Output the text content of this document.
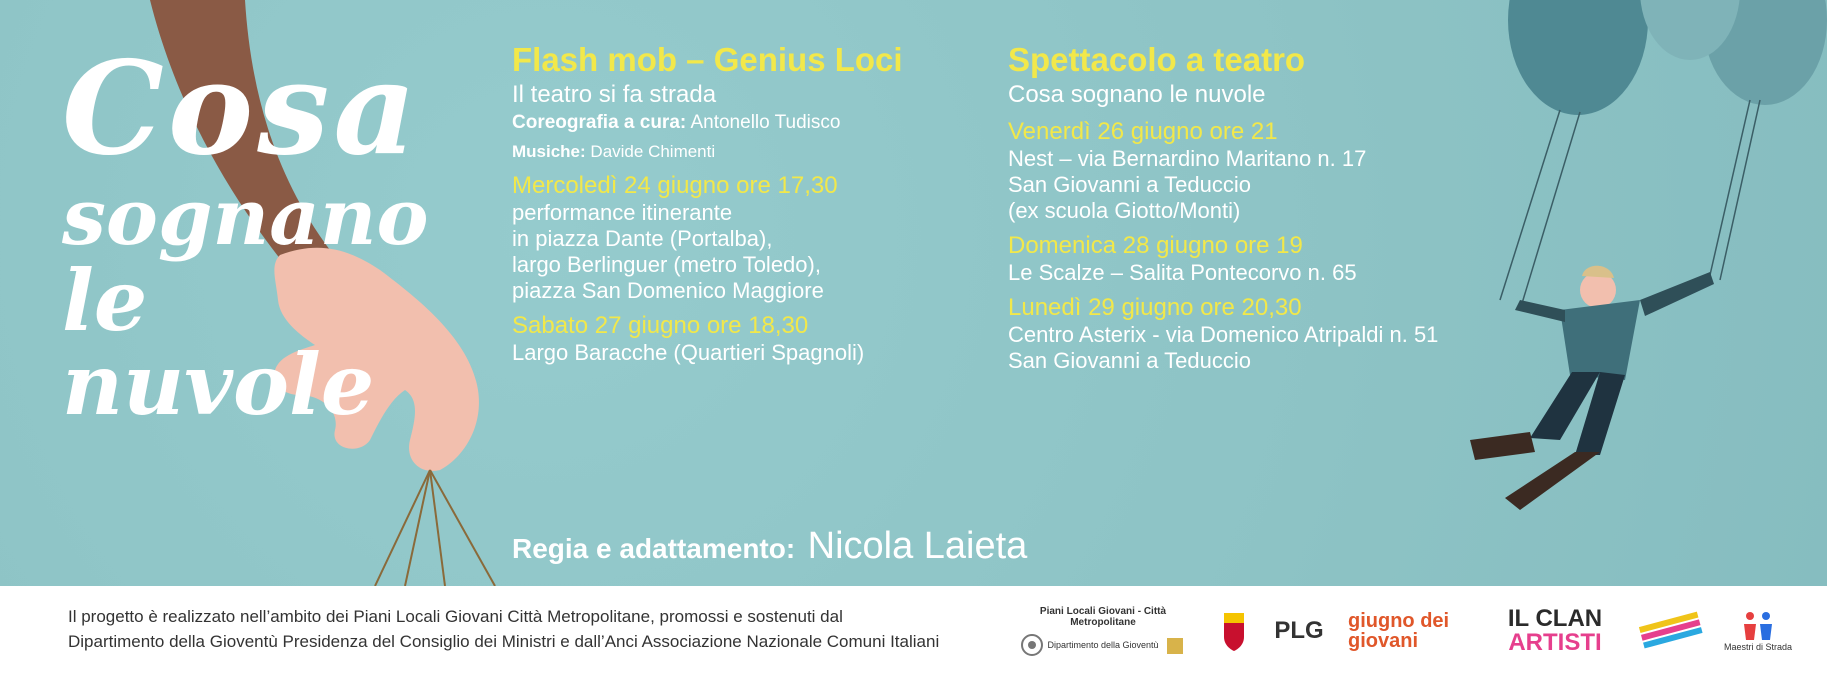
Cosa
sognano
le nuvole
Flash mob – Genius Loci
Il teatro si fa strada
Coreografia a cura: Antonello Tudisco
Musiche: Davide Chimenti
Mercoledì 24 giugno ore 17,30
performance itinerante
in piazza Dante (Portalba),
largo Berlinguer (metro Toledo),
piazza San Domenico Maggiore
Sabato 27 giugno ore 18,30
Largo Baracche (Quartieri Spagnoli)
Spettacolo a teatro
Cosa sognano le nuvole
Venerdì 26 giugno ore 21
Nest – via Bernardino Maritano n. 17
San Giovanni a Teduccio
(ex scuola Giotto/Monti)
Domenica 28 giugno ore 19
Le Scalze – Salita Pontecorvo n. 65
Lunedì 29 giugno ore 20,30
Centro Asterix - via Domenico Atripaldi n. 51
San Giovanni a Teduccio
Regia e adattamento: Nicola Laieta
Il progetto è realizzato nell’ambito dei Piani Locali Giovani Città Metropolitane, promossi e sostenuti dal
Dipartimento della Gioventù Presidenza del Consiglio dei Ministri e dall’Anci Associazione Nazionale Comuni Italiani
Piani Locali Giovani - Città Metropolitane
Dipartimento della Gioventù
PLG giugno dei giovani
IL CLAN
ARTISTI	Maestri di Strada
